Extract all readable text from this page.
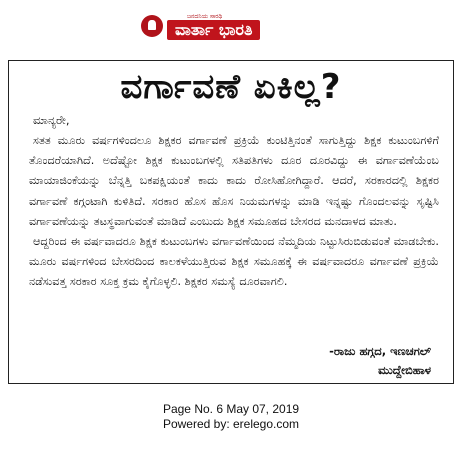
ಜನದನಿಯ ಸಾರಥಿ
ವಾರ್ತಾ ಭಾರತಿ
ವರ್ಗಾವಣೆ ಏಕಿಲ್ಲ?
ಮಾನ್ಯರೇ,

ಸತತ ಮೂರು ವರ್ಷಗಳಿಂದಲೂ ಶಿಕ್ಷಕರ ವರ್ಗಾವಣೆ ಪ್ರಕ್ರಿಯೆ ಕುಂಟಿತ್ತಿನಂತೆ ಸಾಗುತ್ತಿದ್ದು ಶಿಕ್ಷಕ ಕುಟುಂಬಗಳಿಗೆ ತೊಂದರೆಯಾಗಿದೆ. ಅದೆಷ್ಟೋ ಶಿಕ್ಷಕ ಕುಟುಂಬಗಳಲ್ಲಿ ಸತಿಪತಿಗಳು ದೂರ ದೂರವಿದ್ದು ಈ ವರ್ಗಾವಣೆಯೆಂಬ ಮಾಯಾಜಿಂಕೆಯನ್ನು ಬೆನ್ನತ್ತಿ ಬಕಪಕ್ಷಿಯಂತೆ ಕಾದು ಕಾದು ರೋಸಿಹೋಗಿದ್ದಾರೆ. ಆದರೆ, ಸರಕಾರದಲ್ಲಿ ಶಿಕ್ಷಕರ ವರ್ಗಾವಣೆ ಕಗ್ಗಂಟಾಗಿ ಕುಳಿತಿದೆ. ಸರಕಾರ ಹೊಸ ಹೊಸ ನಿಯಮಗಳನ್ನು ಮಾಡಿ ಇನ್ನಷ್ಟು ಗೊಂದಲವನ್ನು ಸೃಷ್ಟಿಸಿ ವರ್ಗಾವಣೆಯನ್ನು ತಟಸ್ಥವಾಗುವಂತೆ ಮಾಡಿದೆ ಎಂಬುದು ಶಿಕ್ಷಕ ಸಮೂಹದ ಬೇಸರದ ಮನದಾಳದ ಮಾತು.

ಆದ್ದರಿಂದ ಈ ವರ್ಷವಾದರೂ ಶಿಕ್ಷಕ ಕುಟುಂಬಗಳು ವರ್ಗಾವಣೆಯಿಂದ ನೆಮ್ಮದಿಯ ನಿಟ್ಟುಸಿರುಬಿಡುವಂತೆ ಮಾಡಬೇಕು. ಮೂರು ವರ್ಷಗಳಿಂದ ಬೇಸರದಿಂದ ಕಾಲಕಳೆಯುತ್ತಿರುವ ಶಿಕ್ಷಕ ಸಮೂಹಕ್ಕೆ ಈ ವರ್ಷವಾದರೂ ವರ್ಗಾವಣೆ ಪ್ರಕ್ರಿಯೆ ನಡೆಸುವತ್ತ ಸರಕಾರ ಸೂಕ್ತ ಕ್ರಮ ಕೈಗೊಳ್ಳಲಿ. ಶಿಕ್ಷಕರ ಸಮಸ್ಯೆ ದೂರವಾಗಲಿ.

-ರಾಜು ಹಗ್ಗದ, ಇಣಚಗಲ್
ಮುದ್ದೇಬಿಹಾಳ
Page No. 6 May 07, 2019
Powered by: erelego.com
